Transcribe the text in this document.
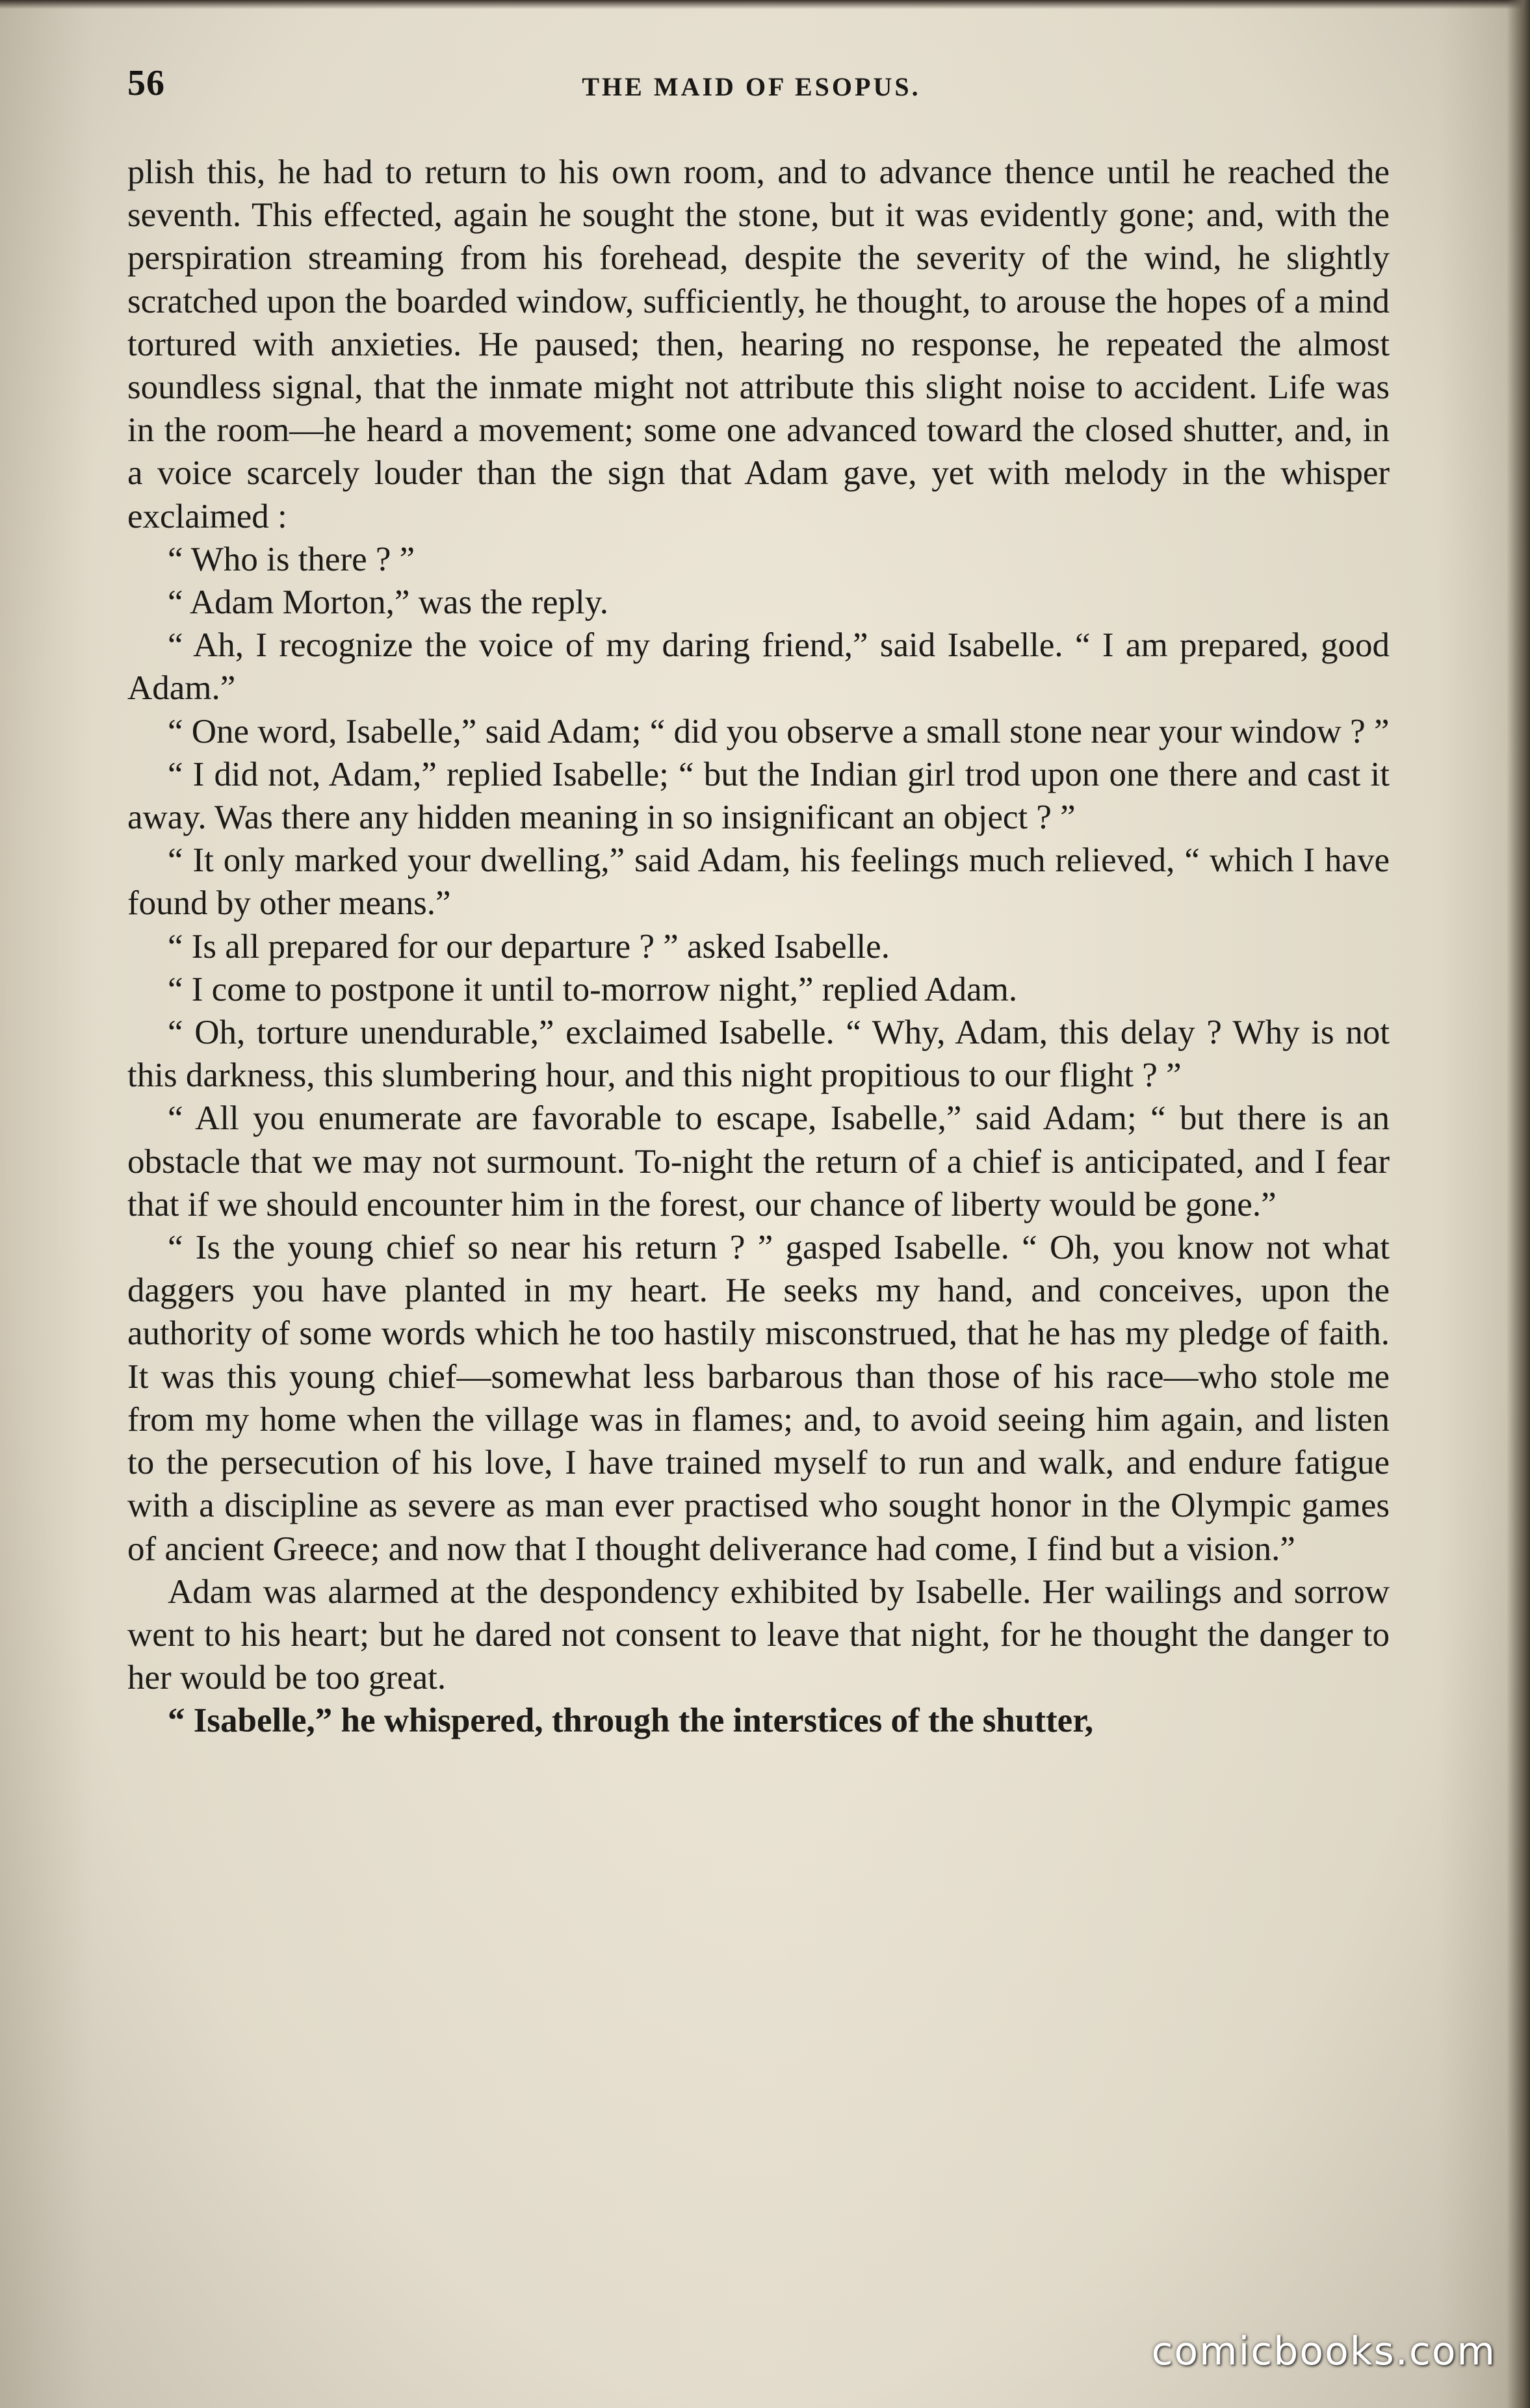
56	THE MAID OF ESOPUS.

plish this, he had to return to his own room, and to advance thence until he reached the seventh. This effected, again he sought the stone, but it was evidently gone; and, with the perspiration streaming from his forehead, despite the severity of the wind, he slightly scratched upon the boarded window, sufficiently, he thought, to arouse the hopes of a mind tortured with anxieties. He paused; then, hearing no response, he repeated the almost soundless signal, that the inmate might not attribute this slight noise to accident. Life was in the room—he heard a movement; some one advanced toward the closed shutter, and, in a voice scarcely louder than the sign that Adam gave, yet with melody in the whisper exclaimed :

“ Who is there ? ”

“ Adam Morton,” was the reply.

“ Ah, I recognize the voice of my daring friend,” said Isabelle. “ I am prepared, good Adam.”

“ One word, Isabelle,” said Adam; “ did you observe a small stone near your window ? ”

“ I did not, Adam,” replied Isabelle; “ but the Indian girl trod upon one there and cast it away. Was there any hidden meaning in so insignificant an object ? ”

“ It only marked your dwelling,” said Adam, his feelings much relieved, “ which I have found by other means.”

“ Is all prepared for our departure ? ” asked Isabelle.

“ I come to postpone it until to-morrow night,” replied Adam.

“ Oh, torture unendurable,” exclaimed Isabelle. “ Why, Adam, this delay ? Why is not this darkness, this slumbering hour, and this night propitious to our flight ? ”

“ All you enumerate are favorable to escape, Isabelle,” said Adam; “ but there is an obstacle that we may not surmount. To-night the return of a chief is anticipated, and I fear that if we should encounter him in the forest, our chance of liberty would be gone.”

“ Is the young chief so near his return ? ” gasped Isabelle. “ Oh, you know not what daggers you have planted in my heart. He seeks my hand, and conceives, upon the authority of some words which he too hastily misconstrued, that he has my pledge of faith. It was this young chief—somewhat less barbarous than those of his race—who stole me from my home when the village was in flames; and, to avoid seeing him again, and listen to the persecution of his love, I have trained myself to run and walk, and endure fatigue with a discipline as severe as man ever practised who sought honor in the Olympic games of ancient Greece; and now that I thought deliverance had come, I find but a vision.”

Adam was alarmed at the despondency exhibited by Isabelle. Her wailings and sorrow went to his heart; but he dared not consent to leave that night, for he thought the danger to her would be too great.

“ Isabelle,” he whispered, through the interstices of the shutter,

comicbooks.com
